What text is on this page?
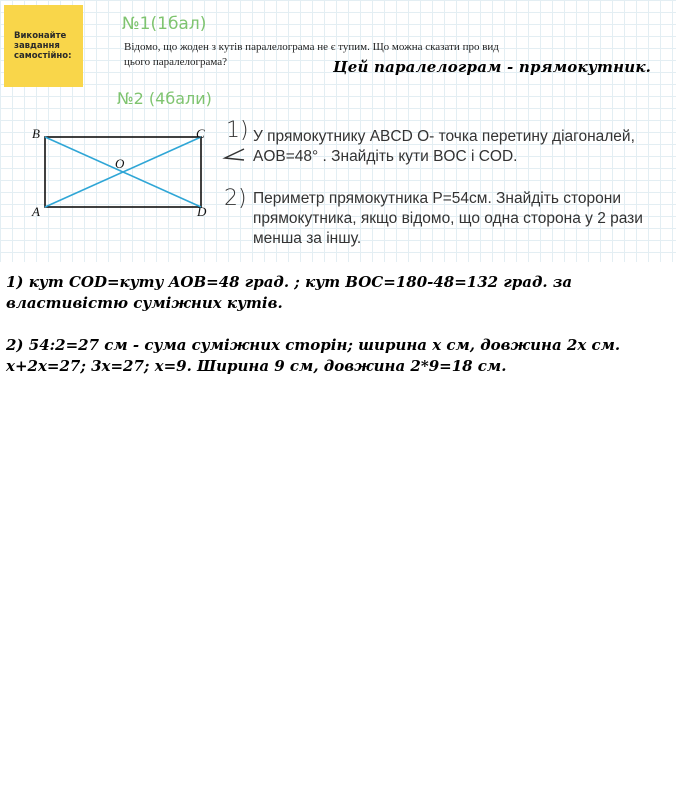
Виконайте завдання самостійно:
№1(1бал)
Відомо, що жоден з кутів паралелограма не є тупим. Що можна сказати про вид цього паралелограма?	Цей паралелограм - прямокутник.
№2 (4бали)
B	C
A	D
O
1) У прямокутнику ABCD O- точка перетину діагоналей, AOB=48° . Знайдіть кути BOC і COD.
2) Периметр прямокутника P=54см. Знайдіть сторони прямокутника, якщо відомо, що одна сторона у 2 рази менша за іншу.

1) кут COD=куту AOB=48 град. ; кут BOC=180-48=132 град. за властивістю суміжних кутів.

2) 54:2=27 см - сума суміжних сторін; ширина х см, довжина 2х см.
х+2х=27; 3х=27; х=9. Ширина 9 см, довжина 2*9=18 см.
